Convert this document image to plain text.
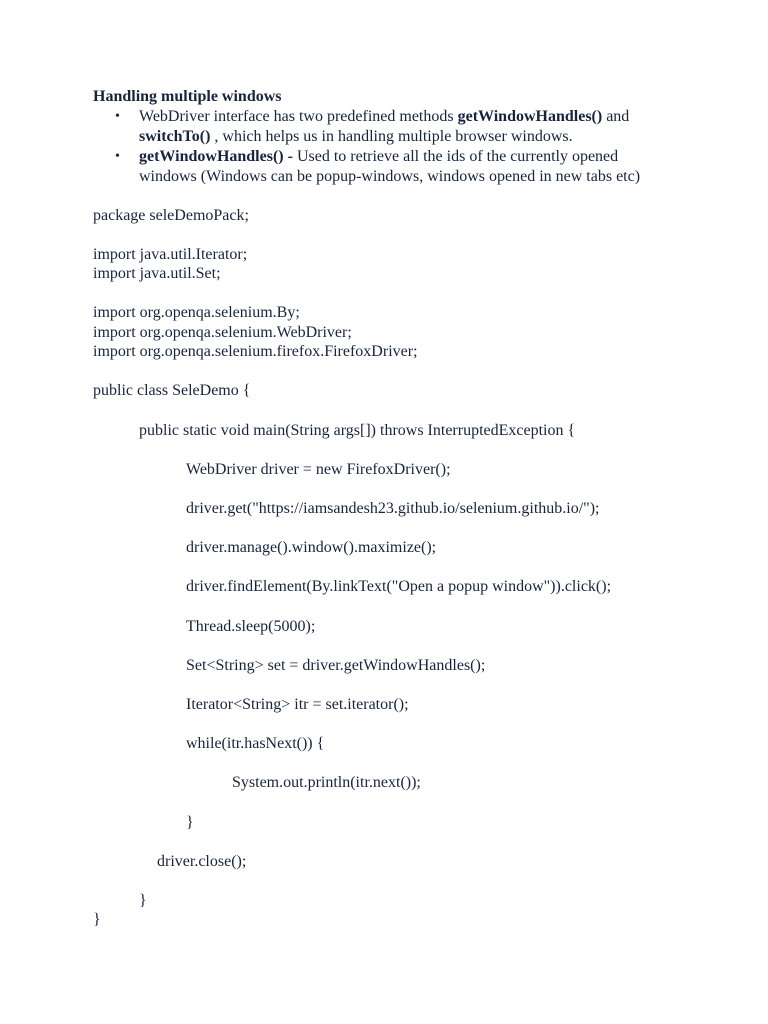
Handling multiple windows
• WebDriver interface has two predefined methods getWindowHandles() and switchTo() , which helps us in handling multiple browser windows.
• getWindowHandles() - Used to retrieve all the ids of the currently opened windows (Windows can be popup-windows, windows opened in new tabs etc)
package seleDemoPack;
import java.util.Iterator;
import java.util.Set;
import org.openqa.selenium.By;
import org.openqa.selenium.WebDriver;
import org.openqa.selenium.firefox.FirefoxDriver;
public class SeleDemo {
public static void main(String args[]) throws InterruptedException {
WebDriver driver = new FirefoxDriver();
driver.get("https://iamsandesh23.github.io/selenium.github.io/");
driver.manage().window().maximize();
driver.findElement(By.linkText("Open a popup window")).click();
Thread.sleep(5000);
Set<String> set = driver.getWindowHandles();
Iterator<String> itr = set.iterator();
while(itr.hasNext()) {
System.out.println(itr.next());
}
driver.close();
}
}
